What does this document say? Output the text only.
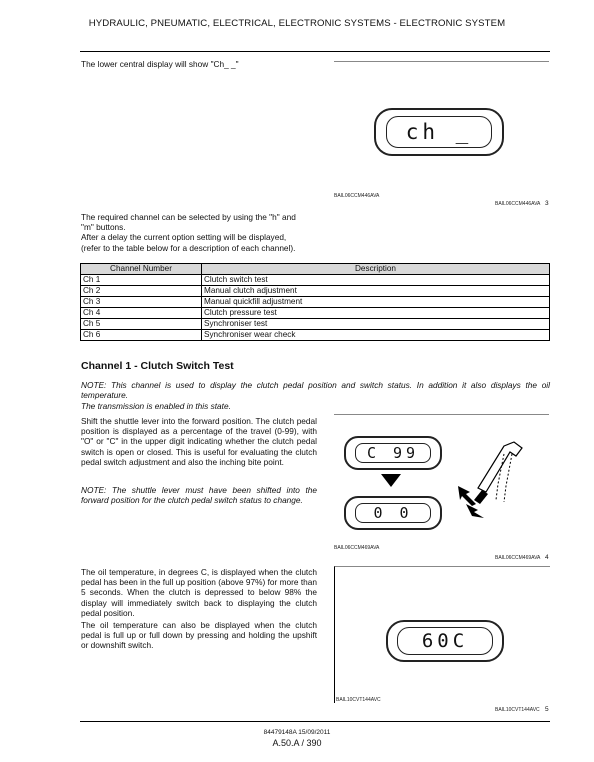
HYDRAULIC, PNEUMATIC, ELECTRICAL, ELECTRONIC SYSTEMS - ELECTRONIC SYSTEM
The lower central display will show "Ch_ _"
ch _
BAIL06CCM446AVA
BAIL06CCM446AVA 3
The required channel can be selected by using the "h" and
"m" buttons.
After a delay the current option setting will be displayed,
(refer to the table below for a description of each channel).
Channel Number	Description
Ch 1	Clutch switch test
Ch 2	Manual clutch adjustment
Ch 3	Manual quickfill adjustment
Ch 4	Clutch pressure test
Ch 5	Synchroniser test
Ch 6	Synchroniser wear check
Channel 1 - Clutch Switch Test
NOTE: This channel is used to display the clutch pedal position and switch status. In addition it also displays the oil temperature.
The transmission is enabled in this state.
Shift the shuttle lever into the forward position. The clutch pedal position is displayed as a percentage of the travel (0-99), with "O" or "C" in the upper digit indicating whether the clutch pedal switch is open or closed. This is useful for evaluating the clutch pedal switch adjustment and also the inching bite point.
NOTE: The shuttle lever must have been shifted into the forward position for the clutch pedal switch status to change.
C 99
0 0
BAIL06CCM469AVA
BAIL06CCM469AVA 4
60C
BAIL10CVT144AVC
BAIL10CVT144AVC 5
The oil temperature, in degrees C, is displayed when the clutch pedal has been in the full up position (above 97%) for more than 5 seconds. When the clutch is depressed to below 98% the display will immediately switch back to displaying the clutch pedal position.
The oil temperature can also be displayed when the clutch pedal is full up or full down by pressing and holding the upshift or downshift switch.
84479148A 15/09/2011
A.50.A / 390
